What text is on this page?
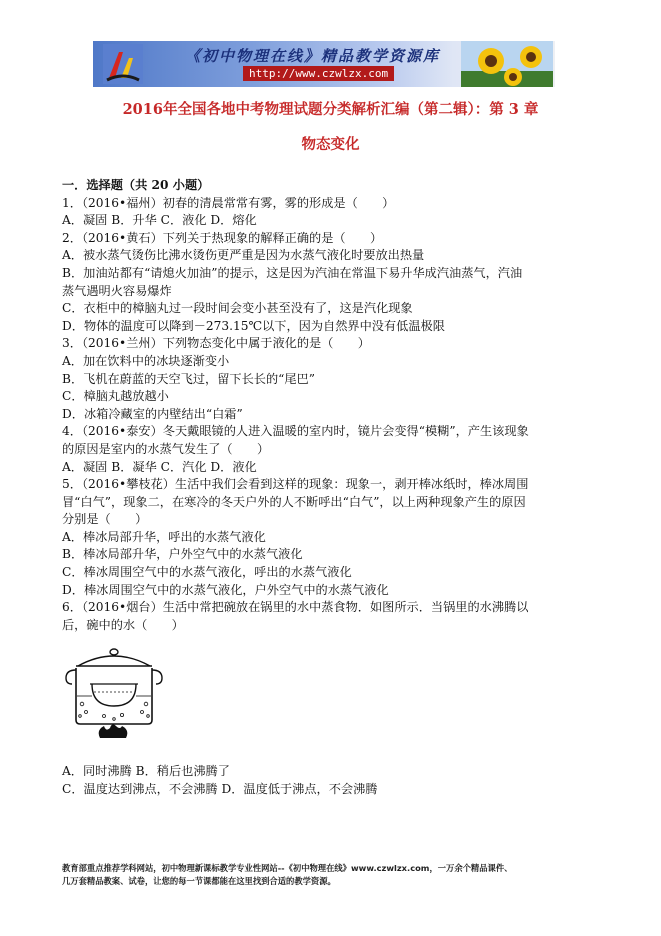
《初中物理在线》精品教学资源库
http://www.czwlzx.com
2016年全国各地中考物理试题分类解析汇编（第二辑）：第 3 章
物态变化
一．选择题（共 20 小题）
1．（2016•福州）初春的清晨常常有雾，雾的形成是（　　）
A．凝固 B．升华 C．液化 D．熔化
2．（2016•黄石）下列关于热现象的解释正确的是（　　）
A．被水蒸气烫伤比沸水烫伤更严重是因为水蒸气液化时要放出热量
B．加油站都有“请熄火加油”的提示，这是因为汽油在常温下易升华成汽油蒸气，汽油
蒸气遇明火容易爆炸
C．衣柜中的樟脑丸过一段时间会变小甚至没有了，这是汽化现象
D．物体的温度可以降到－273.15℃以下，因为自然界中没有低温极限
3．（2016•兰州）下列物态变化中属于液化的是（　　）
A．加在饮料中的冰块逐渐变小
B．飞机在蔚蓝的天空飞过，留下长长的“尾巴”
C．樟脑丸越放越小
D．冰箱冷藏室的内壁结出“白霜”
4．（2016•泰安）冬天戴眼镜的人进入温暖的室内时，镜片会变得“模糊”，产生该现象
的原因是室内的水蒸气发生了（　　）
A．凝固 B．凝华 C．汽化 D．液化
5．（2016•攀枝花）生活中我们会看到这样的现象：现象一，剥开棒冰纸时，棒冰周围
冒“白气”，现象二，在寒冷的冬天户外的人不断呼出“白气”，以上两种现象产生的原因
分别是（　　）
A．棒冰局部升华，呼出的水蒸气液化
B．棒冰局部升华，户外空气中的水蒸气液化
C．棒冰周围空气中的水蒸气液化，呼出的水蒸气液化
D．棒冰周围空气中的水蒸气液化，户外空气中的水蒸气液化
6．（2016•烟台）生活中常把碗放在锅里的水中蒸食物．如图所示．当锅里的水沸腾以
后，碗中的水（　　）
A．同时沸腾 B．稍后也沸腾了
C．温度达到沸点，不会沸腾 D．温度低于沸点，不会沸腾
教育部重点推荐学科网站，初中物理新课标教学专业性网站--《初中物理在线》www.czwlzx.com，一万余个精品课件、
几万套精品教案、试卷，让您的每一节课都能在这里找到合适的教学资源。
